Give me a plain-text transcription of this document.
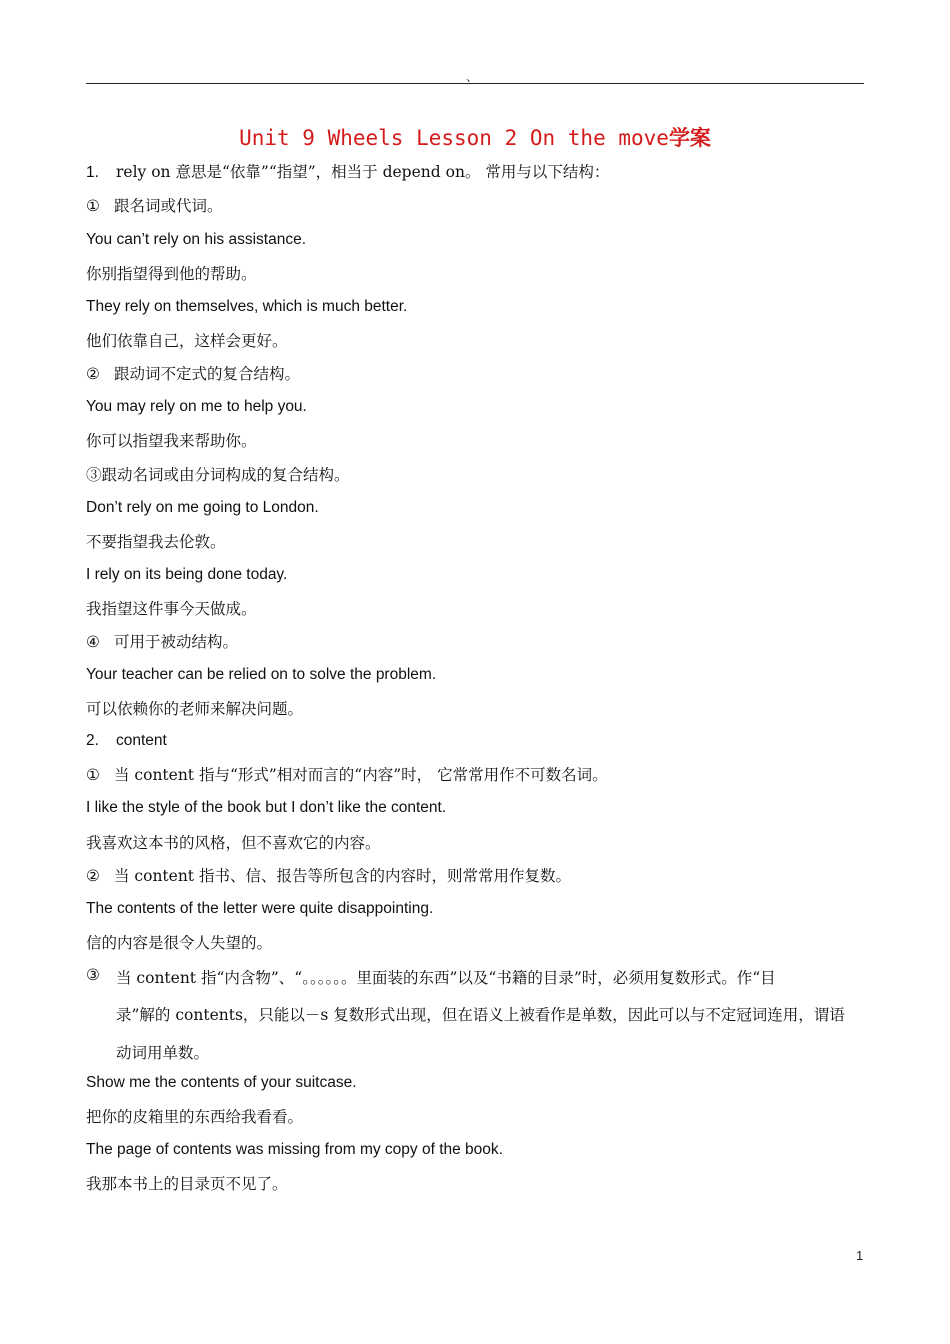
、
Unit 9 Wheels Lesson 2 On the move学案
1. rely on 意思是“依靠”“指望”，相当于 depend on。 常用与以下结构：
① 跟名词或代词。
You can’t rely on his assistance.
你别指望得到他的帮助。
They rely on themselves, which is much better.
他们依靠自己，这样会更好。
② 跟动词不定式的复合结构。
You may rely on me to help you.
你可以指望我来帮助你。
③跟动名词或由分词构成的复合结构。
Don’t rely on me going to London.
不要指望我去伦敦。
I rely on its being done today.
我指望这件事今天做成。
④ 可用于被动结构。
Your teacher can be relied on to solve the problem.
可以依赖你的老师来解决问题。
2. content
① 当 content 指与“形式”相对而言的“内容”时， 它常常用作不可数名词。
I like the style of the book but I don’t like the content.
我喜欢这本书的风格，但不喜欢它的内容。
② 当 content 指书、信、报告等所包含的内容时，则常常用作复数。
The contents of the letter were quite disappointing.
信的内容是很令人失望的。
③ 当 content 指“内含物”、“。。。。。。里面装的东西”以及“书籍的目录”时，必须用复数形式。作“目
录”解的 contents，只能以－s 复数形式出现，但在语义上被看作是单数，因此可以与不定冠词连用，谓语
动词用单数。
Show me the contents of your suitcase.
把你的皮箱里的东西给我看看。
The page of contents was missing from my copy of the book.
我那本书上的目录页不见了。
1
